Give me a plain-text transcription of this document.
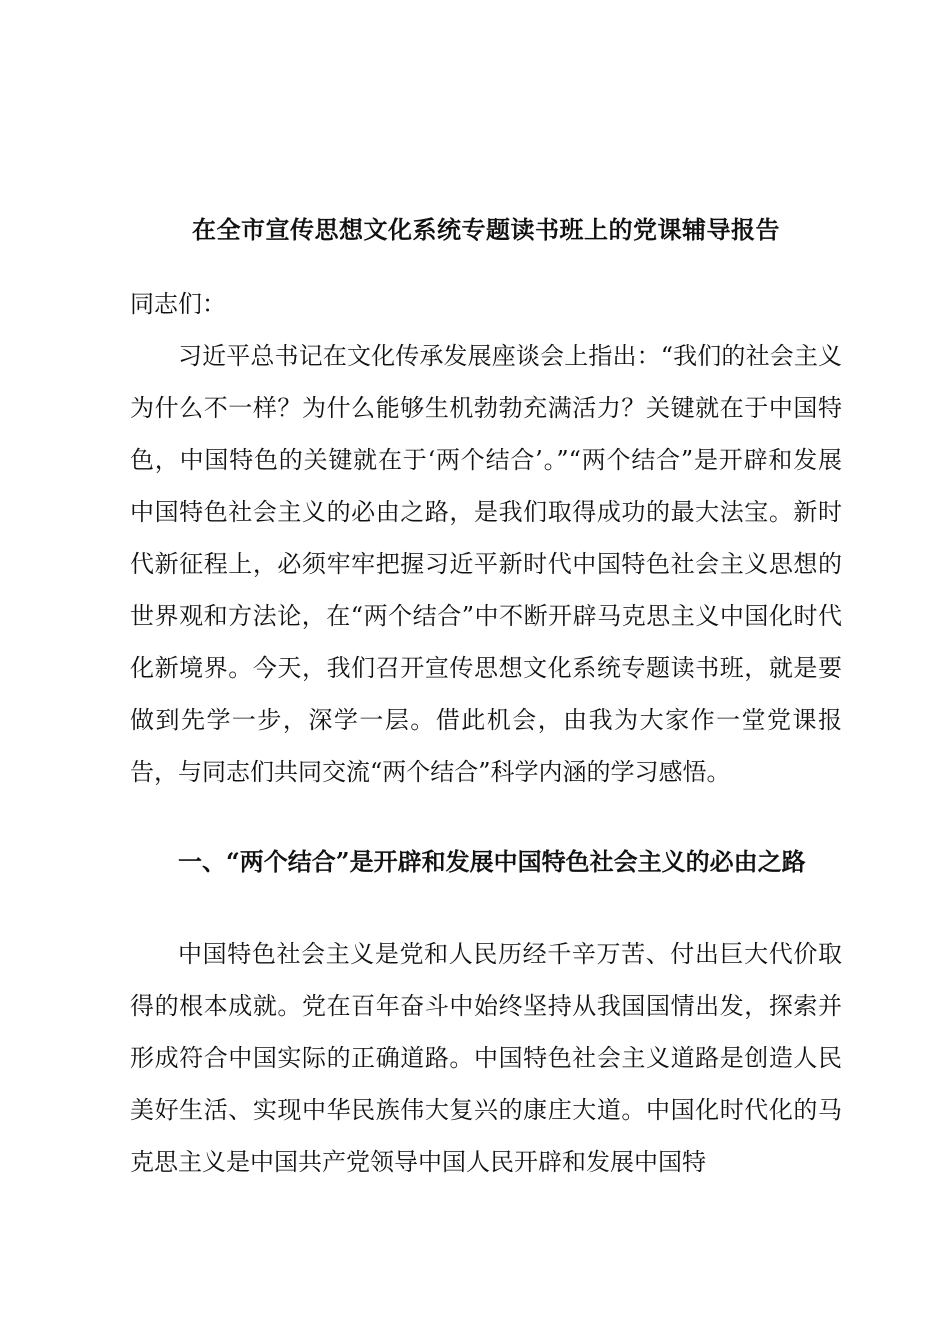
在全市宣传思想文化系统专题读书班上的党课辅导报告
同志们：

习近平总书记在文化传承发展座谈会上指出：“我们的社会主义为什么不一样？为什么能够生机勃勃充满活力？关键就在于中国特色，中国特色的关键就在于‘两个结合’。”“两个结合”是开辟和发展中国特色社会主义的必由之路，是我们取得成功的最大法宝。新时代新征程上，必须牢牢把握习近平新时代中国特色社会主义思想的世界观和方法论，在“两个结合”中不断开辟马克思主义中国化时代化新境界。今天，我们召开宣传思想文化系统专题读书班，就是要做到先学一步，深学一层。借此机会，由我为大家作一堂党课报告，与同志们共同交流“两个结合”科学内涵的学习感悟。

一、“两个结合”是开辟和发展中国特色社会主义的必由之路

中国特色社会主义是党和人民历经千辛万苦、付出巨大代价取得的根本成就。党在百年奋斗中始终坚持从我国国情出发，探索并形成符合中国实际的正确道路。中国特色社会主义道路是创造人民美好生活、实现中华民族伟大复兴的康庄大道。中国化时代化的马克思主义是中国共产党领导中国人民开辟和发展中国特
